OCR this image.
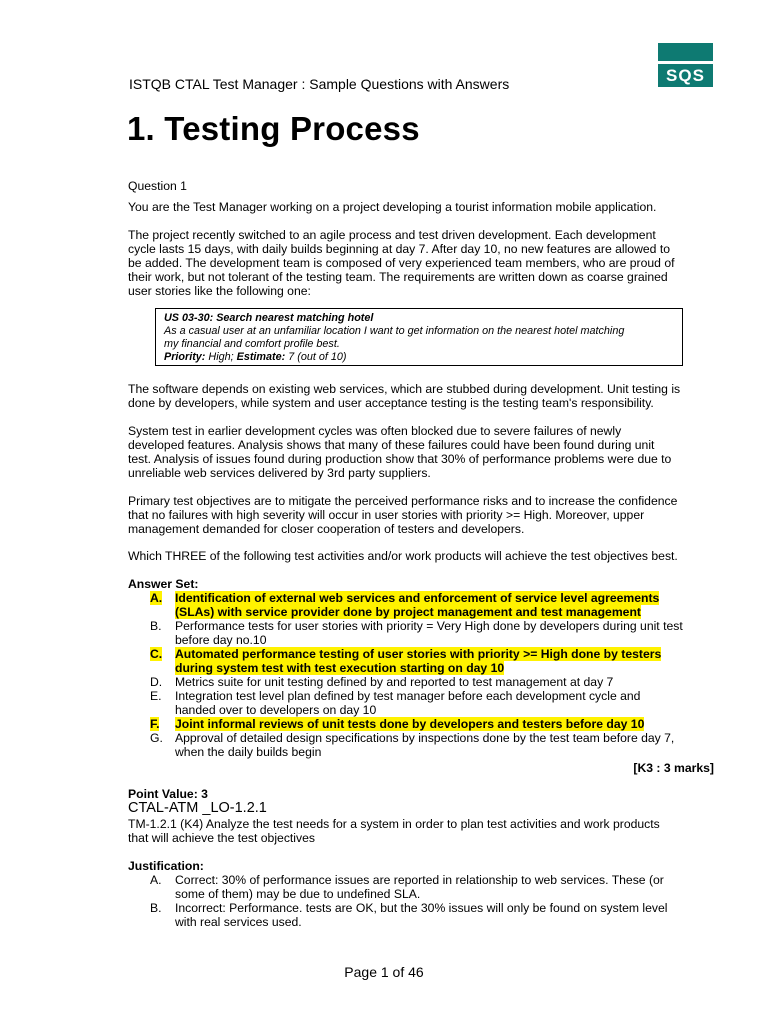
SQS
ISTQB CTAL Test Manager : Sample Questions with Answers
1. Testing Process
Question 1
You are the Test Manager working on a project developing a tourist information mobile application.
The project recently switched to an agile process and test driven development. Each development
cycle lasts 15 days, with daily builds beginning at day 7. After day 10, no new features are allowed to
be added. The development team is composed of very experienced team members, who are proud of
their work, but not tolerant of the testing team. The requirements are written down as coarse grained
user stories like the following one:
US 03-30: Search nearest matching hotel
As a casual user at an unfamiliar location I want to get information on the nearest hotel matching
my financial and comfort profile best.
Priority: High; Estimate: 7 (out of 10)
The software depends on existing web services, which are stubbed during development. Unit testing is
done by developers, while system and user acceptance testing is the testing team's responsibility.
System test in earlier development cycles was often blocked due to severe failures of newly
developed features. Analysis shows that many of these failures could have been found during unit
test. Analysis of issues found during production show that 30% of performance problems were due to
unreliable web services delivered by 3rd party suppliers.
Primary test objectives are to mitigate the perceived performance risks and to increase the confidence
that no failures with high severity will occur in user stories with priority >= High. Moreover, upper
management demanded for closer cooperation of testers and developers.
Which THREE of the following test activities and/or work products will achieve the test objectives best.
Answer Set:
A. Identification of external web services and enforcement of service level agreements
(SLAs) with service provider done by project management and test management
B. Performance tests for user stories with priority = Very High done by developers during unit test
before day no.10
C. Automated performance testing of user stories with priority >= High done by testers
during system test with test execution starting on day 10
D. Metrics suite for unit testing defined by and reported to test management at day 7
E. Integration test level plan defined by test manager before each development cycle and
handed over to developers on day 10
F. Joint informal reviews of unit tests done by developers and testers before day 10
G. Approval of detailed design specifications by inspections done by the test team before day 7,
when the daily builds begin
[K3 : 3 marks]
Point Value: 3
CTAL-ATM _LO-1.2.1
TM-1.2.1 (K4) Analyze the test needs for a system in order to plan test activities and work products
that will achieve the test objectives
Justification:
A. Correct: 30% of performance issues are reported in relationship to web services. These (or
some of them) may be due to undefined SLA.
B. Incorrect: Performance. tests are OK, but the 30% issues will only be found on system level
with real services used.
Page 1 of 46
